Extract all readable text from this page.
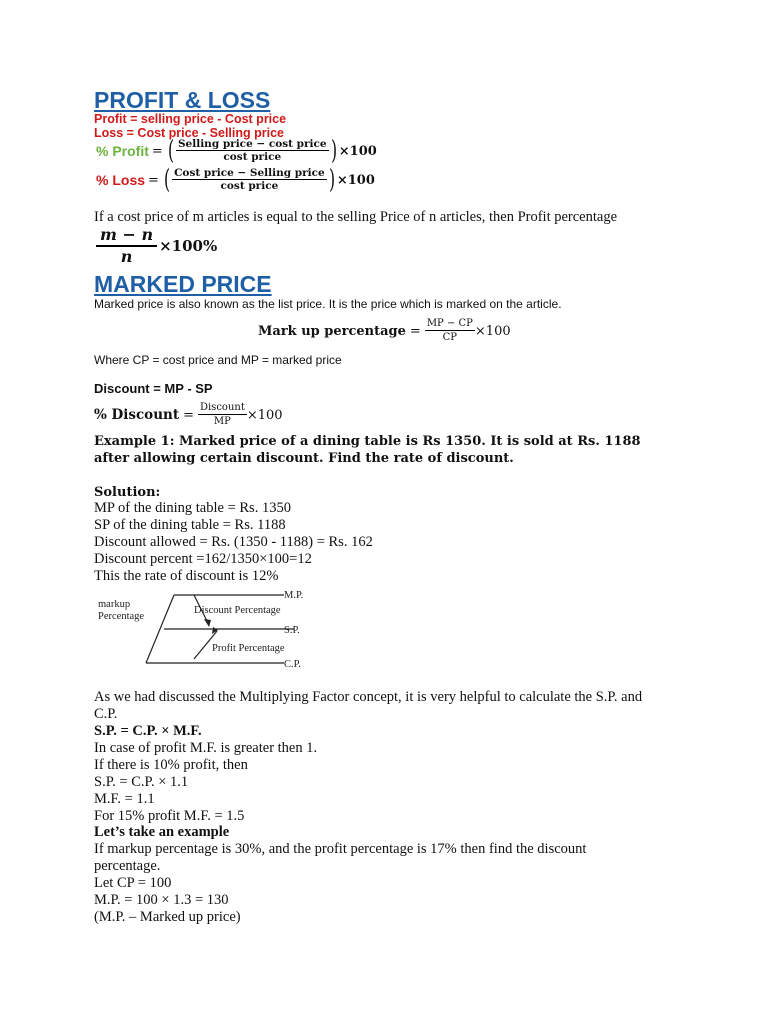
PROFIT & LOSS
Profit = selling price - Cost price
Loss = Cost price - Selling price
% Profit = ( Selling price − cost price
cost price	) ×100
% Loss = ( Cost price − Selling price
cost price	) ×100
If a cost price of m articles is equal to the selling Price of n articles, then Profit percentage
$\frac{m - n}{n} \times 100\%$
MARKED PRICE
Marked price is also known as the list price. It is the price which is marked on the article.
Mark up percentage = $\frac{MP - CP}{CP} \times 100$
Where CP = cost price and MP = marked price
Discount = MP - SP
% Discount = Discount
MP	×100
Example 1: Marked price of a dining table is Rs 1350. It is sold at Rs. 1188 after allowing certain discount. Find the rate of discount.
Solution:
MP of the dining table = Rs. 1350
SP of the dining table = Rs. 1188
Discount allowed = Rs. (1350 - 1188) = Rs. 162
Discount percent =162/1350×100=12
This the rate of discount is 12%
markup Percentage
Discount Percentage
Profit Percentage
M.P.
S.P.
C.P.
As we had discussed the Multiplying Factor concept, it is very helpful to calculate the S.P. and C.P.
S.P. = C.P. × M.F.
In case of profit M.F. is greater then 1.
If there is 10% profit, then
S.P. = C.P. × 1.1
M.F. = 1.1
For 15% profit M.F. = 1.5
Let’s take an example
If markup percentage is 30%, and the profit percentage is 17% then find the discount percentage.
Let CP = 100
M.P. = 100 × 1.3 = 130
(M.P. – Marked up price)
